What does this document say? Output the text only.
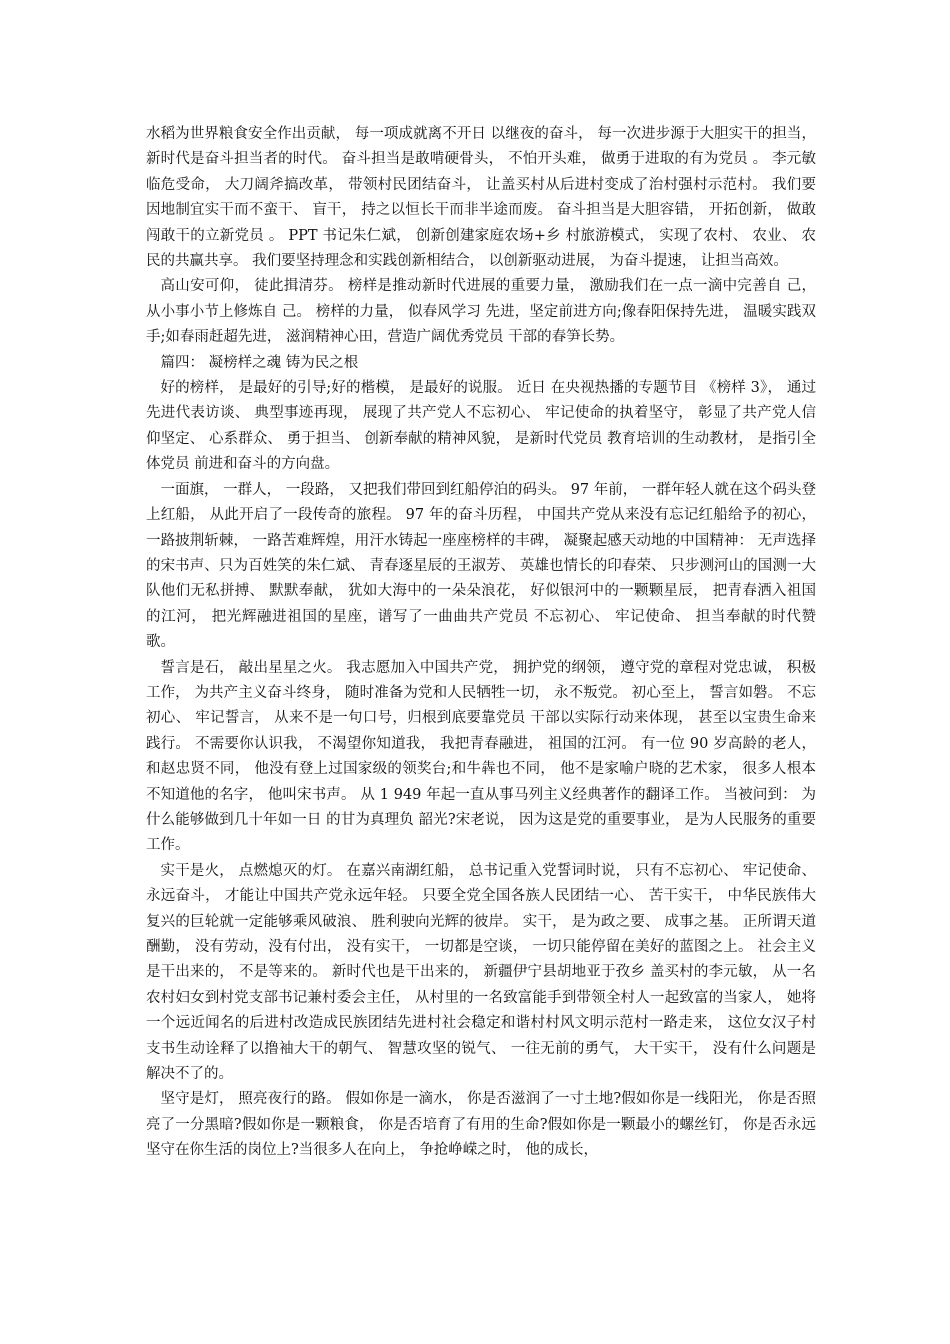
水稻为世界粮食安全作出贡献， 每一项成就离不开日 以继夜的奋斗， 每一次进步源于大胆实干的担当， 新时代是奋斗担当者的时代。 奋斗担当是敢啃硬骨头， 不怕开头难， 做勇于进取的有为党员 。 李元敏临危受命， 大刀阔斧搞改革， 带领村民团结奋斗， 让盖买村从后进村变成了治村强村示范村。 我们要因地制宜实干而不蛮干、 盲干， 持之以恒长干而非半途而废。 奋斗担当是大胆容错， 开拓创新， 做敢闯敢干的立新党员 。 PPT 书记朱仁斌， 创新创建家庭农场+乡 村旅游模式， 实现了农村、 农业、 农民的共赢共享。 我们要坚持理念和实践创新相结合， 以创新驱动进展， 为奋斗提速， 让担当高效。

高山安可仰， 徒此揖清芬。 榜样是推动新时代进展的重要力量， 激励我们在一点一滴中完善自 己， 从小事小节上修炼自 己。 榜样的力量， 似春风学习 先进，坚定前进方向;像春阳保持先进， 温暖实践双手;如春雨赶超先进， 滋润精神心田，营造广阔优秀党员 干部的春笋长势。

篇四： 凝榜样之魂 铸为民之根

好的榜样， 是最好的引导;好的楷模， 是最好的说服。 近日 在央视热播的专题节目 《榜样 3》， 通过先进代表访谈、 典型事迹再现， 展现了共产党人不忘初心、 牢记使命的执着坚守， 彰显了共产党人信仰坚定、 心系群众、 勇于担当、 创新奉献的精神风貌， 是新时代党员 教育培训的生动教材， 是指引全体党员 前进和奋斗的方向盘。

一面旗， 一群人， 一段路， 又把我们带回到红船停泊的码头。 97 年前， 一群年轻人就在这个码头登上红船， 从此开启了一段传奇的旅程。 97 年的奋斗历程， 中国共产党从来没有忘记红船给予的初心， 一路披荆斩棘， 一路苦难辉煌，用汗水铸起一座座榜样的丰碑， 凝聚起感天动地的中国精神： 无声选择的宋书声、只为百姓笑的朱仁斌、 青春逐星辰的王淑芳、 英雄也情长的印春荣、 只步测河山的国测一大队他们无私拼搏、 默默奉献， 犹如大海中的一朵朵浪花， 好似银河中的一颗颗星辰， 把青春洒入祖国的江河， 把光辉融进祖国的星座，谱写了一曲曲共产党员 不忘初心、 牢记使命、 担当奉献的时代赞歌。

誓言是石， 敲出星星之火。 我志愿加入中国共产党， 拥护党的纲领， 遵守党的章程对党忠诚， 积极工作， 为共产主义奋斗终身， 随时准备为党和人民牺牲一切， 永不叛党。 初心至上， 誓言如磐。 不忘初心、 牢记誓言， 从来不是一句口号，归根到底要靠党员 干部以实际行动来体现， 甚至以宝贵生命来践行。 不需要你认识我， 不渴望你知道我， 我把青春融进， 祖国的江河。 有一位 90 岁高龄的老人，和赵忠贤不同， 他没有登上过国家级的领奖台;和牛犇也不同， 他不是家喻户晓的艺术家， 很多人根本不知道他的名字， 他叫宋书声。 从 1 949 年起一直从事马列主义经典著作的翻译工作。 当被问到： 为什么能够做到几十年如一日 的甘为真理负 韶光?宋老说， 因为这是党的重要事业， 是为人民服务的重要工作。

实干是火， 点燃熄灭的灯。 在嘉兴南湖红船， 总书记重入党誓词时说， 只有不忘初心、 牢记使命、 永远奋斗， 才能让中国共产党永远年轻。 只要全党全国各族人民团结一心、 苦干实干， 中华民族伟大复兴的巨轮就一定能够乘风破浪、 胜利驶向光辉的彼岸。 实干， 是为政之要、 成事之基。 正所谓天道酬勤， 没有劳动，没有付出， 没有实干， 一切都是空谈， 一切只能停留在美好的蓝图之上。 社会主义是干出来的， 不是等来的。 新时代也是干出来的， 新疆伊宁县胡地亚于孜乡 盖买村的李元敏， 从一名农村妇女到村党支部书记兼村委会主任， 从村里的一名致富能手到带领全村人一起致富的当家人， 她将一个远近闻名的后进村改造成民族团结先进村社会稳定和谐村村风文明示范村一路走来， 这位女汉子村支书生动诠释了以撸袖大干的朝气、 智慧攻坚的锐气、 一往无前的勇气， 大干实干， 没有什么问题是解决不了的。

坚守是灯， 照亮夜行的路。 假如你是一滴水， 你是否滋润了一寸土地?假如你是一线阳光， 你是否照亮了一分黑暗?假如你是一颗粮食， 你是否培育了有用的生命?假如你是一颗最小的螺丝钉， 你是否永远坚守在你生活的岗位上?当很多人在向上， 争抢峥嵘之时， 他的成长，
